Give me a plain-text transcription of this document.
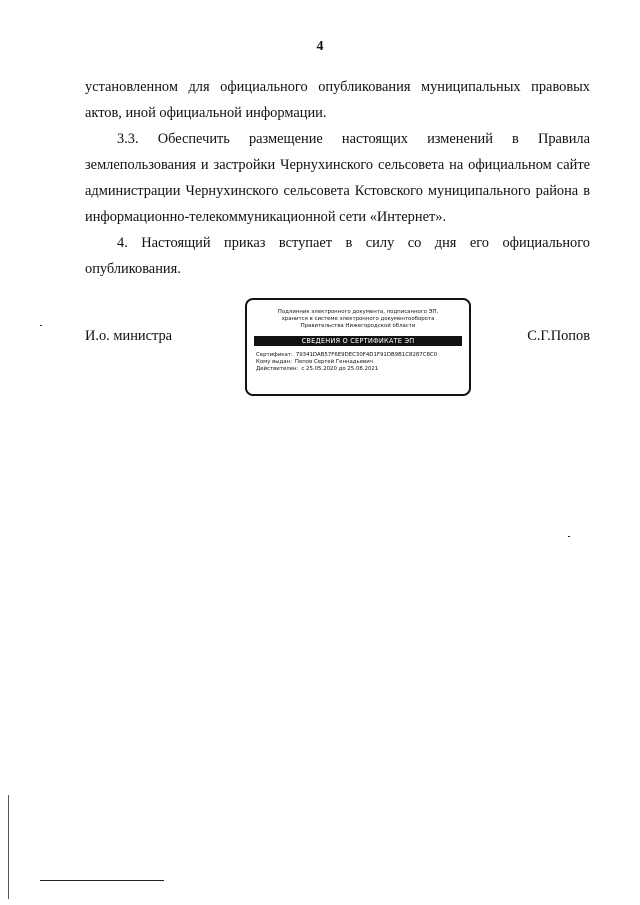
4

установленном для официального опубликования муниципальных правовых актов, иной официальной информации.

3.3. Обеспечить размещение настоящих изменений в Правила землепользования и застройки Чернухинского сельсовета на официальном сайте администрации Чернухинского сельсовета Кстовского муниципального района в информационно-телекоммуникационной сети «Интернет».

4. Настоящий приказ вступает в силу со дня его официального опубликования.

И.о. министра
Подлинник электронного документа, подписанного ЭП,
хранится в системе электронного документооборота
Правительства Нижегородской области
СВЕДЕНИЯ О СЕРТИФИКАТЕ ЭП
Сертификат: 79341DAB57F6E9DEC30F4D1F91DB9B1C8287C8C0
Кому выдан: Попов Сергей Геннадьевич
Действителен: с 25.05.2020 до 25.08.2021
С.Г.Попов
